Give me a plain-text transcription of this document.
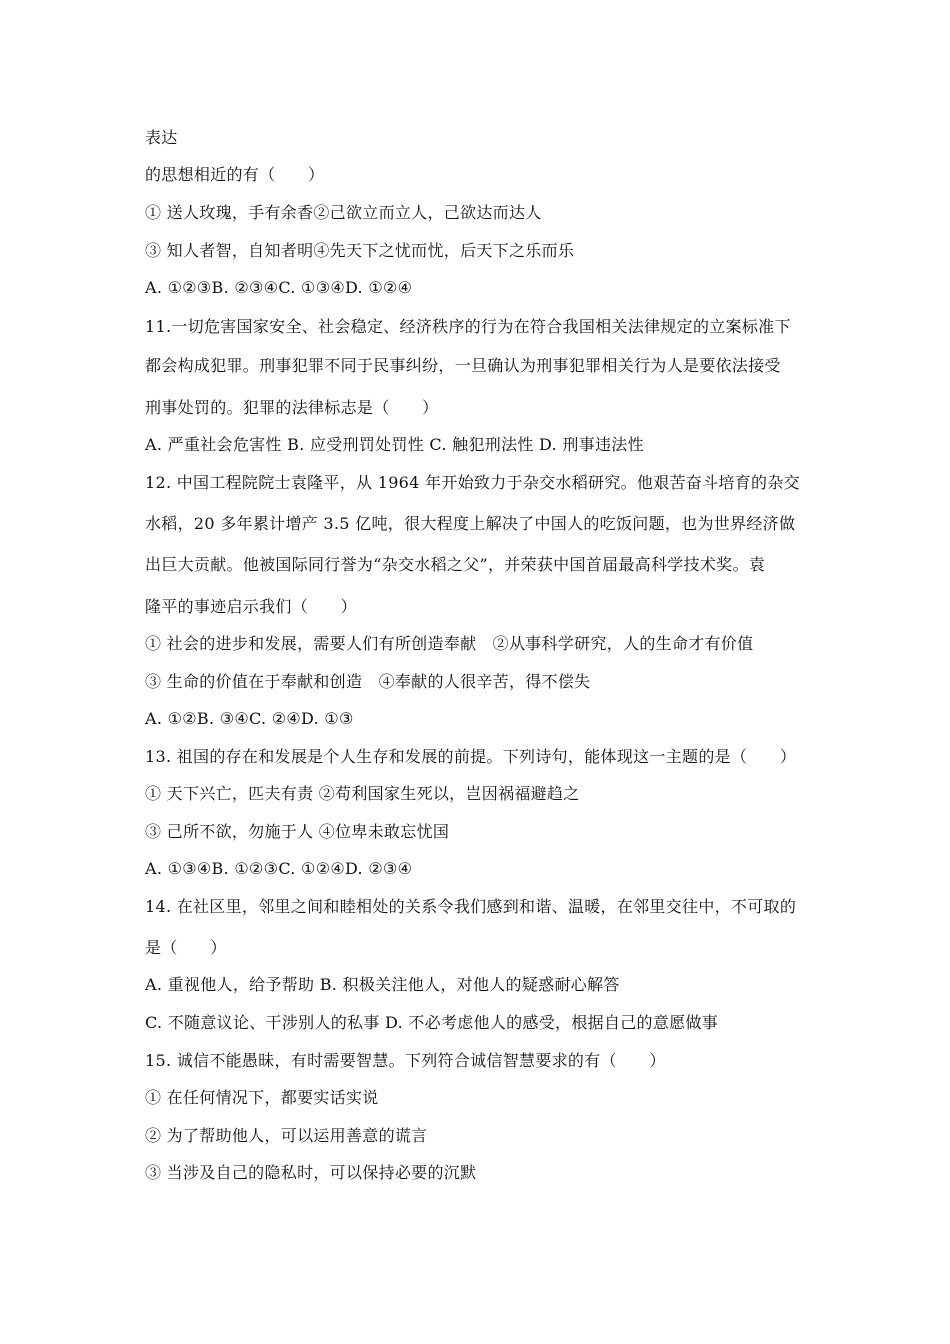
表达
的思想相近的有（　　）
① 送人玫瑰，手有余香②己欲立而立人，己欲达而达人
③ 知人者智，自知者明④先天下之忧而忧，后天下之乐而乐
A. ①②③B. ②③④C. ①③④D. ①②④
11.一切危害国家安全、社会稳定、经济秩序的行为在符合我国相关法律规定的立案标准下
都会构成犯罪。刑事犯罪不同于民事纠纷，一旦确认为刑事犯罪相关行为人是要依法接受
刑事处罚的。犯罪的法律标志是（　　）
A. 严重社会危害性 B. 应受刑罚处罚性 C. 触犯刑法性 D. 刑事违法性
12. 中国工程院院士袁隆平，从 1964 年开始致力于杂交水稻研究。他艰苦奋斗培育的杂交
水稻，20 多年累计增产 3.5 亿吨，很大程度上解决了中国人的吃饭问题，也为世界经济做
出巨大贡献。他被国际同行誉为“杂交水稻之父”，并荣获中国首届最高科学技术奖。袁
隆平的事迹启示我们（　　）
① 社会的进步和发展，需要人们有所创造奉献　②从事科学研究，人的生命才有价值
③ 生命的价值在于奉献和创造　④奉献的人很辛苦，得不偿失
A. ①②B. ③④C. ②④D. ①③
13. 祖国的存在和发展是个人生存和发展的前提。下列诗句，能体现这一主题的是（　　）
① 天下兴亡，匹夫有责 ②苟利国家生死以，岂因祸福避趋之
③ 己所不欲，勿施于人 ④位卑未敢忘忧国
A. ①③④B. ①②③C. ①②④D. ②③④
14. 在社区里，邻里之间和睦相处的关系令我们感到和谐、温暖，在邻里交往中，不可取的
是（　　）
A. 重视他人，给予帮助 B. 积极关注他人，对他人的疑惑耐心解答
C. 不随意议论、干涉别人的私事 D. 不必考虑他人的感受，根据自己的意愿做事
15. 诚信不能愚昧，有时需要智慧。下列符合诚信智慧要求的有（　　）
① 在任何情况下，都要实话实说
② 为了帮助他人，可以运用善意的谎言
③ 当涉及自己的隐私时，可以保持必要的沉默
